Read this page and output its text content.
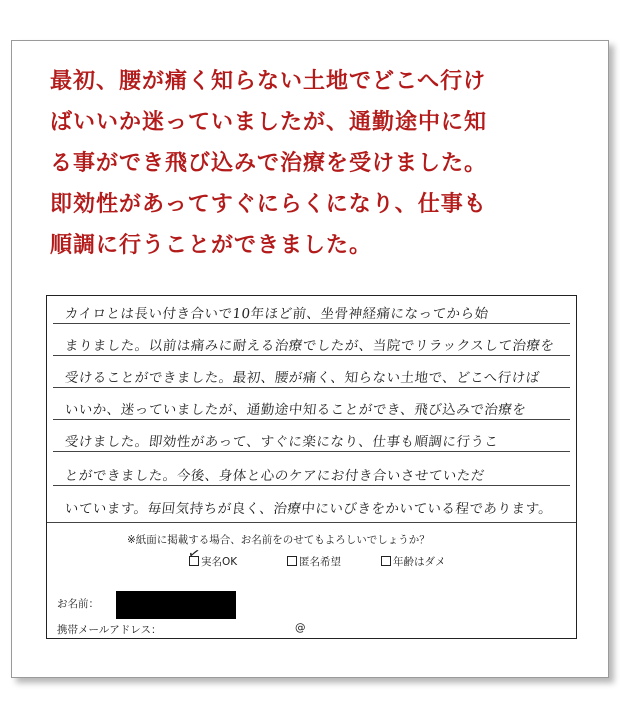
最初、腰が痛く知らない土地でどこへ行け
ばいいか迷っていましたが、通勤途中に知
る事ができ飛び込みで治療を受けました。
即効性があってすぐにらくになり、仕事も
順調に行うことができました。
カイロとは長い付き合いで10年ほど前、坐骨神経痛になってから始
まりました。以前は痛みに耐える治療でしたが、当院でリラックスして治療を
受けることができました。最初、腰が痛く、知らない土地で、どこへ行けば
いいか、迷っていましたが、通勤途中知ることができ、飛び込みで治療を
受けました。即効性があって、すぐに楽になり、仕事も順調に行うこ
とができました。今後、身体と心のケアにお付き合いさせていただ
いています。毎回気持ちが良く、治療中にいびきをかいている程であります。
※紙面に掲載する場合、お名前をのせてもよろしいでしょうか？
✓ 実名OK	匿名希望	年齢はダメ
お名前：
携帯メールアドレス：	@
